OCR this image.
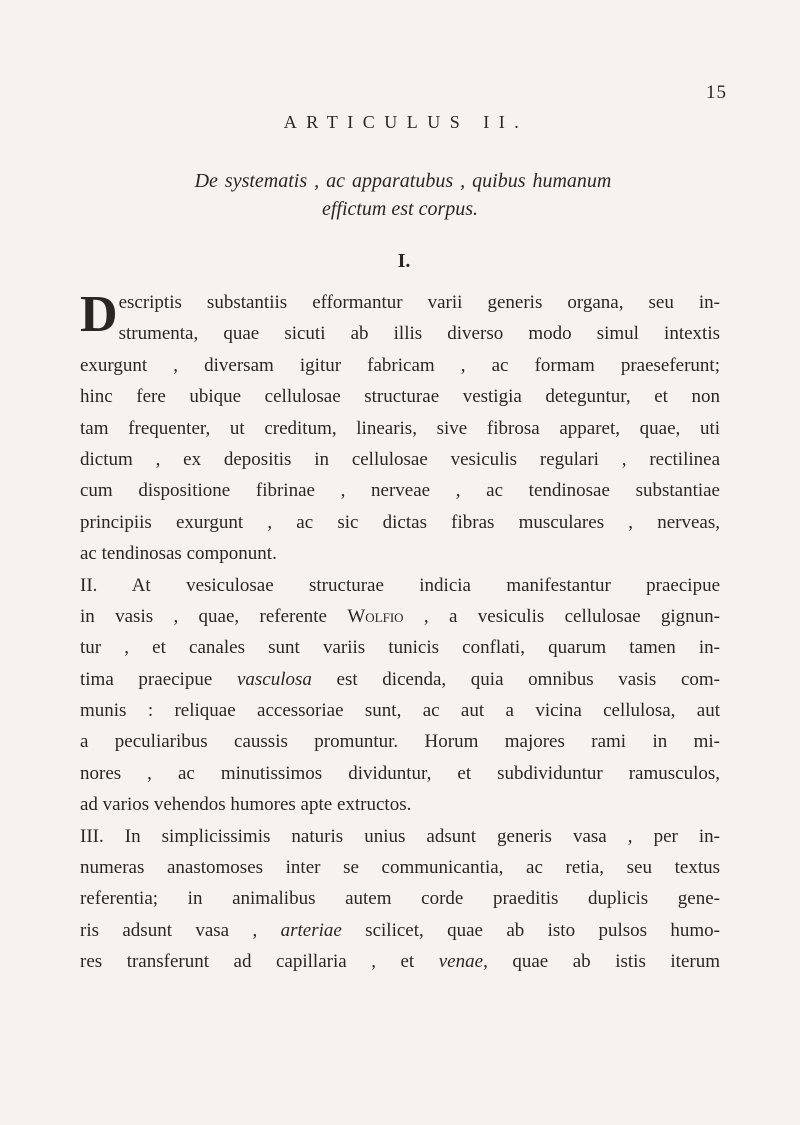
15
ARTICULUS II.
De systematis , ac apparatubus , quibus humanum
effictum est corpus.
I.
D escriptis substantiis efformantur varii generis organa, seu in-
strumenta, quae sicuti ab illis diverso modo simul intextis
exurgunt , diversam igitur fabricam , ac formam praeseferunt;
hinc fere ubique cellulosae structurae vestigia deteguntur, et non
tam frequenter, ut creditum, linearis, sive fibrosa apparet, quae, uti
dictum , ex depositis in cellulosae vesiculis regulari , rectilinea
cum dispositione fibrinae , nerveae , ac tendinosae substantiae
principiis exurgunt , ac sic dictas fibras musculares , nerveas,
ac tendinosas componunt.
II. At vesiculosae structurae indicia manifestantur praecipue
in vasis , quae, referente Wolfio , a vesiculis cellulosae gignun-
tur , et canales sunt variis tunicis conflati, quarum tamen in-
tima praecipue vasculosa est dicenda, quia omnibus vasis com-
munis : reliquae accessoriae sunt, ac aut a vicina cellulosa, aut
a peculiaribus caussis promuntur. Horum majores rami in mi-
nores , ac minutissimos dividuntur, et subdividuntur ramusculos,
ad varios vehendos humores apte extructos.
III. In simplicissimis naturis unius adsunt generis vasa , per in-
numeras anastomoses inter se communicantia, ac retia, seu textus
referentia; in animalibus autem corde praeditis duplicis gene-
ris adsunt vasa , arteriae scilicet, quae ab isto pulsos humo-
res transferunt ad capillaria , et venae, quae ab istis iterum
